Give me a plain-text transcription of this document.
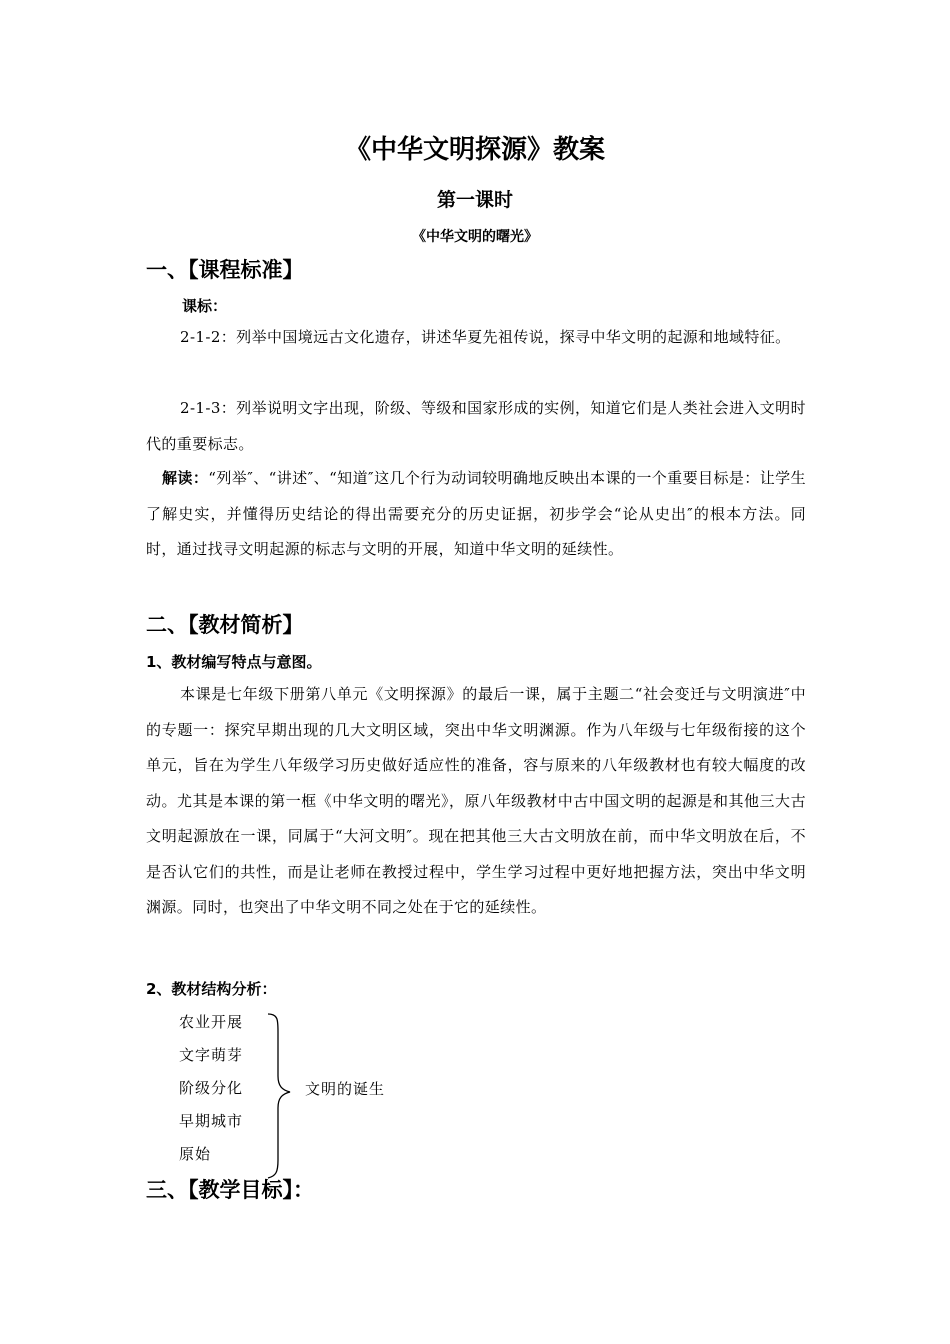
《中华文明探源》教案
第一课时
《中华文明的曙光》
一、【课程标准】
课标：
2-1-2：列举中国境远古文化遗存，讲述华夏先祖传说，探寻中华文明的起源和地域特征。
2-1-3：列举说明文字出现，阶级、等级和国家形成的实例，知道它们是人类社会进入文明时代的重要标志。
解读：“列举″、“讲述″、“知道″这几个行为动词较明确地反映出本课的一个重要目标是：让学生了解史实，并懂得历史结论的得出需要充分的历史证据，初步学会“论从史出″的根本方法。同时，通过找寻文明起源的标志与文明的开展，知道中华文明的延续性。
二、【教材简析】
1、教材编写特点与意图。
本课是七年级下册第八单元《文明探源》的最后一课，属于主题二“社会变迁与文明演进″中的专题一：探究早期出现的几大文明区域，突出中华文明渊源。作为八年级与七年级衔接的这个单元，旨在为学生八年级学习历史做好适应性的准备，容与原来的八年级教材也有较大幅度的改动。尤其是本课的第一框《中华文明的曙光》，原八年级教材中古中国文明的起源是和其他三大古文明起源放在一课，同属于“大河文明″。现在把其他三大古文明放在前，而中华文明放在后，不是否认它们的共性，而是让老师在教授过程中，学生学习过程中更好地把握方法，突出中华文明渊源。同时，也突出了中华文明不同之处在于它的延续性。
2、教材结构分析：
农业开展
文字萌芽
阶级分化
早期城市
原始
文明的诞生
三、【教学目标】：
